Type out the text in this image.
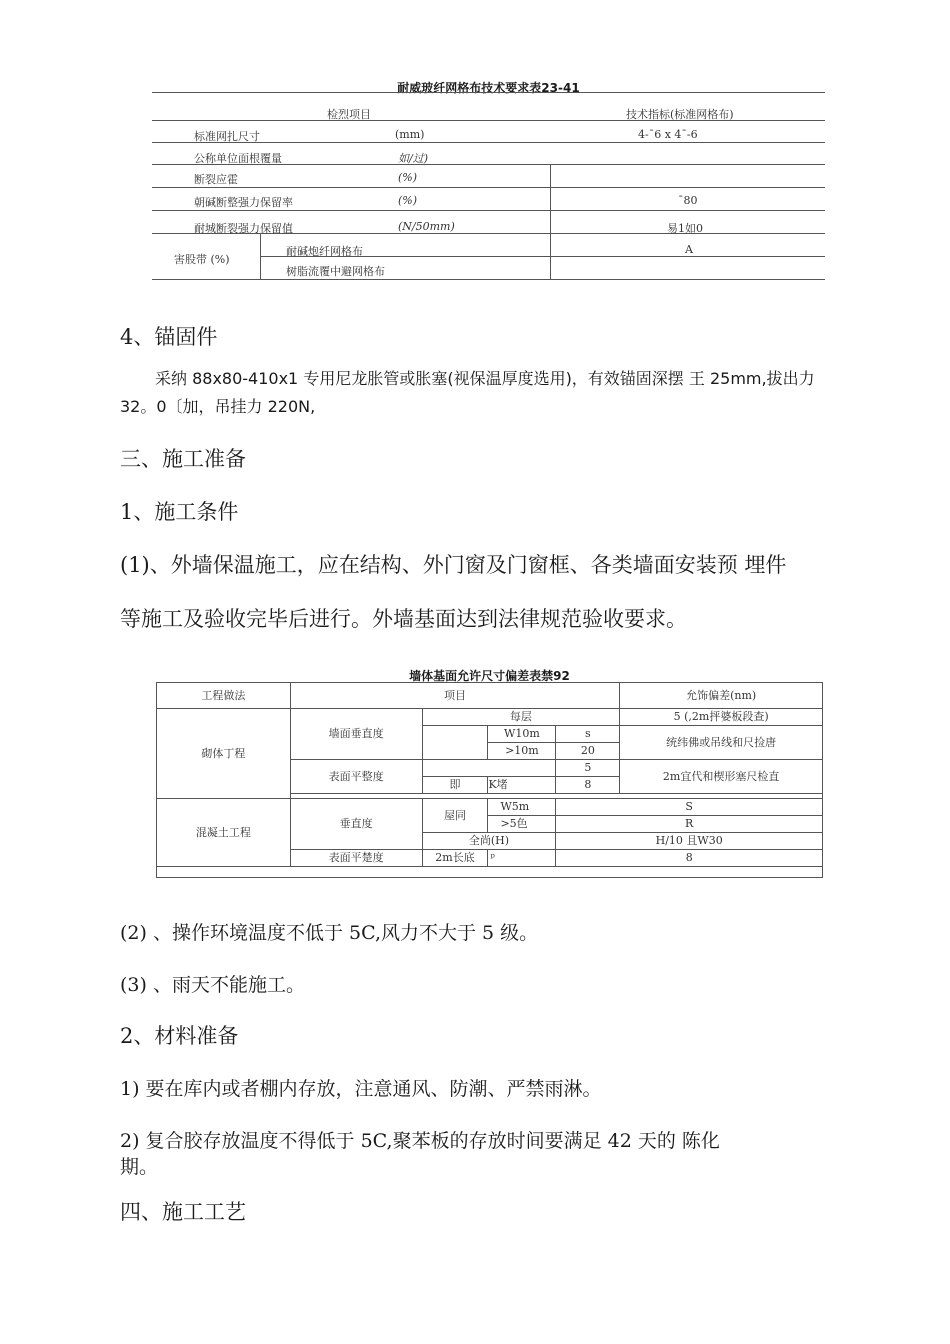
耐威玻纤网格布技术要求表23-41
检烈项目	技术指标(标准网格布)
标准网扎尺寸	(mm)	4-ˉ6 x 4ˉ-6
公称单位面根覆量	如/过)
断裂应霍	(%)
朝碱断整强力保留率	(%)	ˉ80
耐城断裂强力保留值	(N/50mm)	易1如0
害股带 (%)
耐碱炮纤网格布	A
树脂流覆中避网格布
4、锚固件
采纳 88x80-410x1 专用尼龙胀管或胀塞(视保温厚度选用)，有效锚固深摆 王 25mm,拔出力
32。0〔加，吊挂力 220N,
三、施工准备
1、施工条件
(1)、外墙保温施工，应在结构、外门窗及门窗框、各类墙面安装预 埋件
等施工及验收完毕后进行。外墙基面达到法律规范验收要求。
墙体基面允许尺寸偏差表禁92
工程做法	项目				允饰偏差(nm)
砌体丁程	墙面垂直度	每层			5 (,2m抨婆板段查)
			W10m	s	统纬佛或吊线和尺捡唐
			>10m	20	
	表面平整度			5	2m宜代和楔形塞尺检直
		即	K堵	8	

混凝土工程	垂直度	屋同	W5m	S	
			>5色	R	
		全尚(H)		H/10 且W30	
	表面平楚度	2m长底	ᵖ	8	

(2) 、操作环境温度不低于 5C,风力不大于 5 级。
(3) 、雨天不能施工。
2、材料准备
1) 要在库内或者棚内存放，注意通风、防潮、严禁雨淋。
2) 复合胶存放温度不得低于 5C,聚苯板的存放时间要满足 42 天的 陈化
期。
四、施工工艺
